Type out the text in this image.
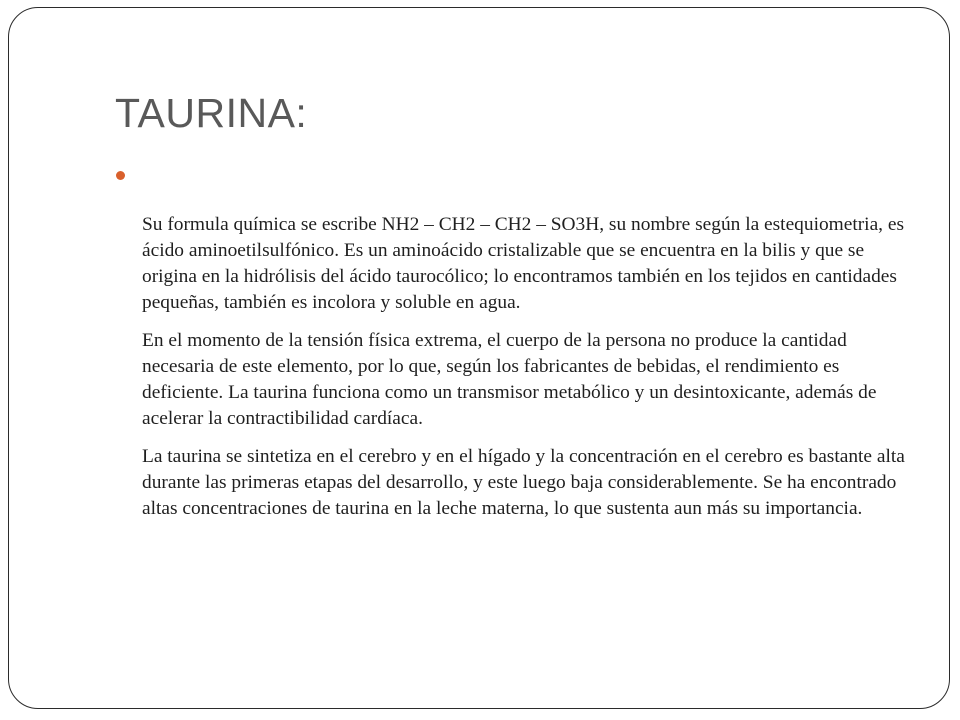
TAURINA:

Su formula química se escribe NH2 – CH2 – CH2 – SO3H, su nombre según la estequiometria, es ácido aminoetilsulfónico. Es un aminoácido cristalizable que se encuentra en la bilis y que se origina en la hidrólisis del ácido taurocólico; lo encontramos también en los tejidos en cantidades pequeñas, también es incolora y soluble en agua.

En el momento de la tensión física extrema, el cuerpo de la persona no produce la cantidad necesaria de este elemento, por lo que, según los fabricantes de bebidas, el rendimiento es deficiente. La taurina funciona como un transmisor metabólico y un desintoxicante, además de acelerar la contractibilidad cardíaca.

La taurina se sintetiza en el cerebro y en el hígado y la concentración en el cerebro es bastante alta durante las primeras etapas del desarrollo, y este luego baja considerablemente. Se ha encontrado altas concentraciones de taurina en la leche materna, lo que sustenta aun más su importancia.
